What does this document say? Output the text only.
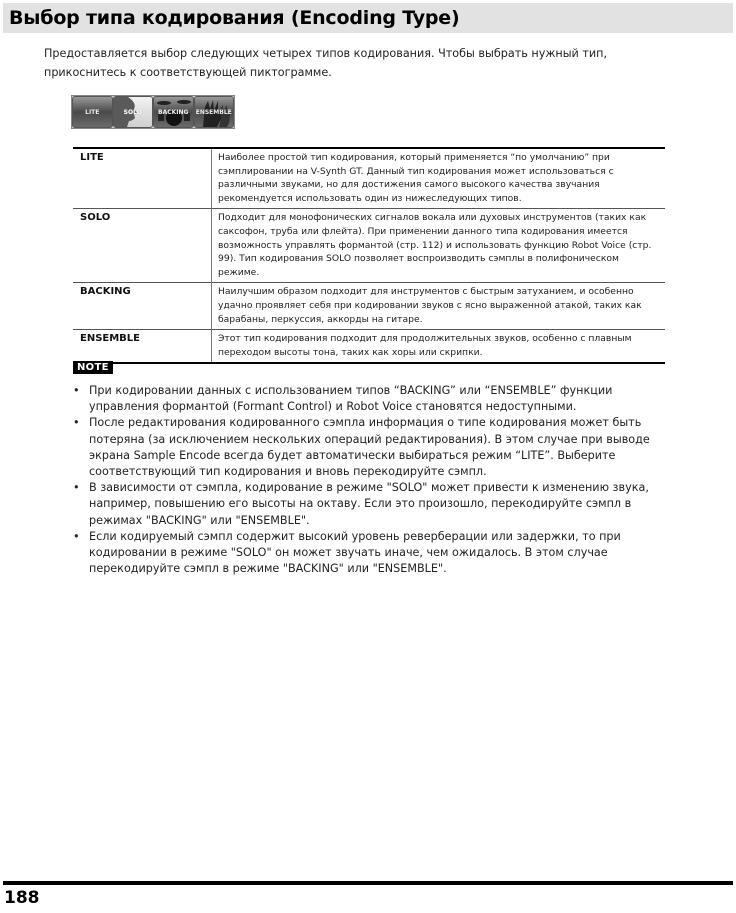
Выбор типа кодирования (Encoding Type)

Предоставляется выбор следующих четырех типов кодирования. Чтобы выбрать нужный тип, прикоснитесь к соответствующей пиктограмме.

LITE	SOLO	BACKING ENSEMBLE
LITE	Наиболее простой тип кодирования, который применяется “по умолчанию” при сэмплировании на V-Synth GT. Данный тип кодирования может использоваться с различными звуками, но для достижения самого высокого качества звучания рекомендуется использовать один из нижеследующих типов.
SOLO	Подходит для монофонических сигналов вокала или духовых инструментов (таких как саксофон, труба или флейта). При применении данного типа кодирования имеется возможность управлять формантой (стр. 112) и использовать функцию Robot Voice (стр. 99). Тип кодирования SOLO позволяет воспроизводить сэмплы в полифоническом режиме.
BACKING	Наилучшим образом подходит для инструментов с быстрым затуханием, и особенно удачно проявляет себя при кодировании звуков с ясно выраженной атакой, таких как барабаны, перкуссия, аккорды на гитаре.
ENSEMBLE	Этот тип кодирования подходит для продолжительных звуков, особенно с плавным переходом высоты тона, таких как хоры или скрипки.
NOTE
• При кодировании данных с использованием типов “BACKING” или “ENSEMBLE” функции управления формантой (Formant Control) и Robot Voice становятся недоступными.
• После редактирования кодированного сэмпла информация о типе кодирования может быть потеряна (за исключением нескольких операций редактирования). В этом случае при выводе экрана Sample Encode всегда будет автоматически выбираться режим “LITE”. Выберите соответствующий тип кодирования и вновь перекодируйте сэмпл.
• В зависимости от сэмпла, кодирование в режиме "SOLO" может привести к изменению звука, например, повышению его высоты на октаву. Если это произошло, перекодируйте сэмпл в режимах "BACKING" или "ENSEMBLE".
• Если кодируемый сэмпл содержит высокий уровень реверберации или задержки, то при кодировании в режиме "SOLO" он может звучать иначе, чем ожидалось. В этом случае перекодируйте сэмпл в режиме "BACKING" или "ENSEMBLE".
188
